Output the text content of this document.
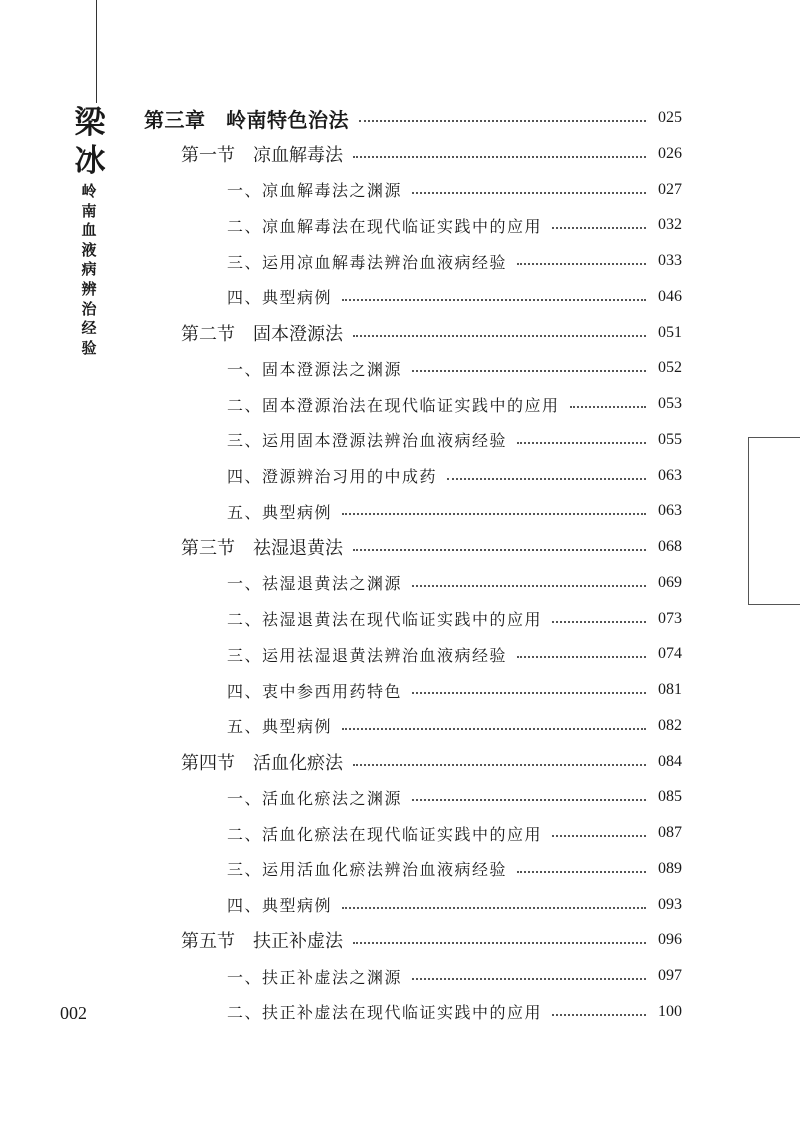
梁
冰
岭
南
血
液
病
辨
治
经
验
第三章　岭南特色治法	025
第一节　凉血解毒法	026
一、凉血解毒法之渊源	027
二、凉血解毒法在现代临证实践中的应用	032
三、运用凉血解毒法辨治血液病经验	033
四、典型病例	046
第二节　固本澄源法	051
一、固本澄源法之渊源	052
二、固本澄源治法在现代临证实践中的应用	053
三、运用固本澄源法辨治血液病经验	055
四、澄源辨治习用的中成药	063
五、典型病例	063
第三节　祛湿退黄法	068
一、祛湿退黄法之渊源	069
二、祛湿退黄法在现代临证实践中的应用	073
三、运用祛湿退黄法辨治血液病经验	074
四、衷中参西用药特色	081
五、典型病例	082
第四节　活血化瘀法	084
一、活血化瘀法之渊源	085
二、活血化瘀法在现代临证实践中的应用	087
三、运用活血化瘀法辨治血液病经验	089
四、典型病例	093
第五节　扶正补虚法	096
一、扶正补虚法之渊源	097
二、扶正补虚法在现代临证实践中的应用	100
002
